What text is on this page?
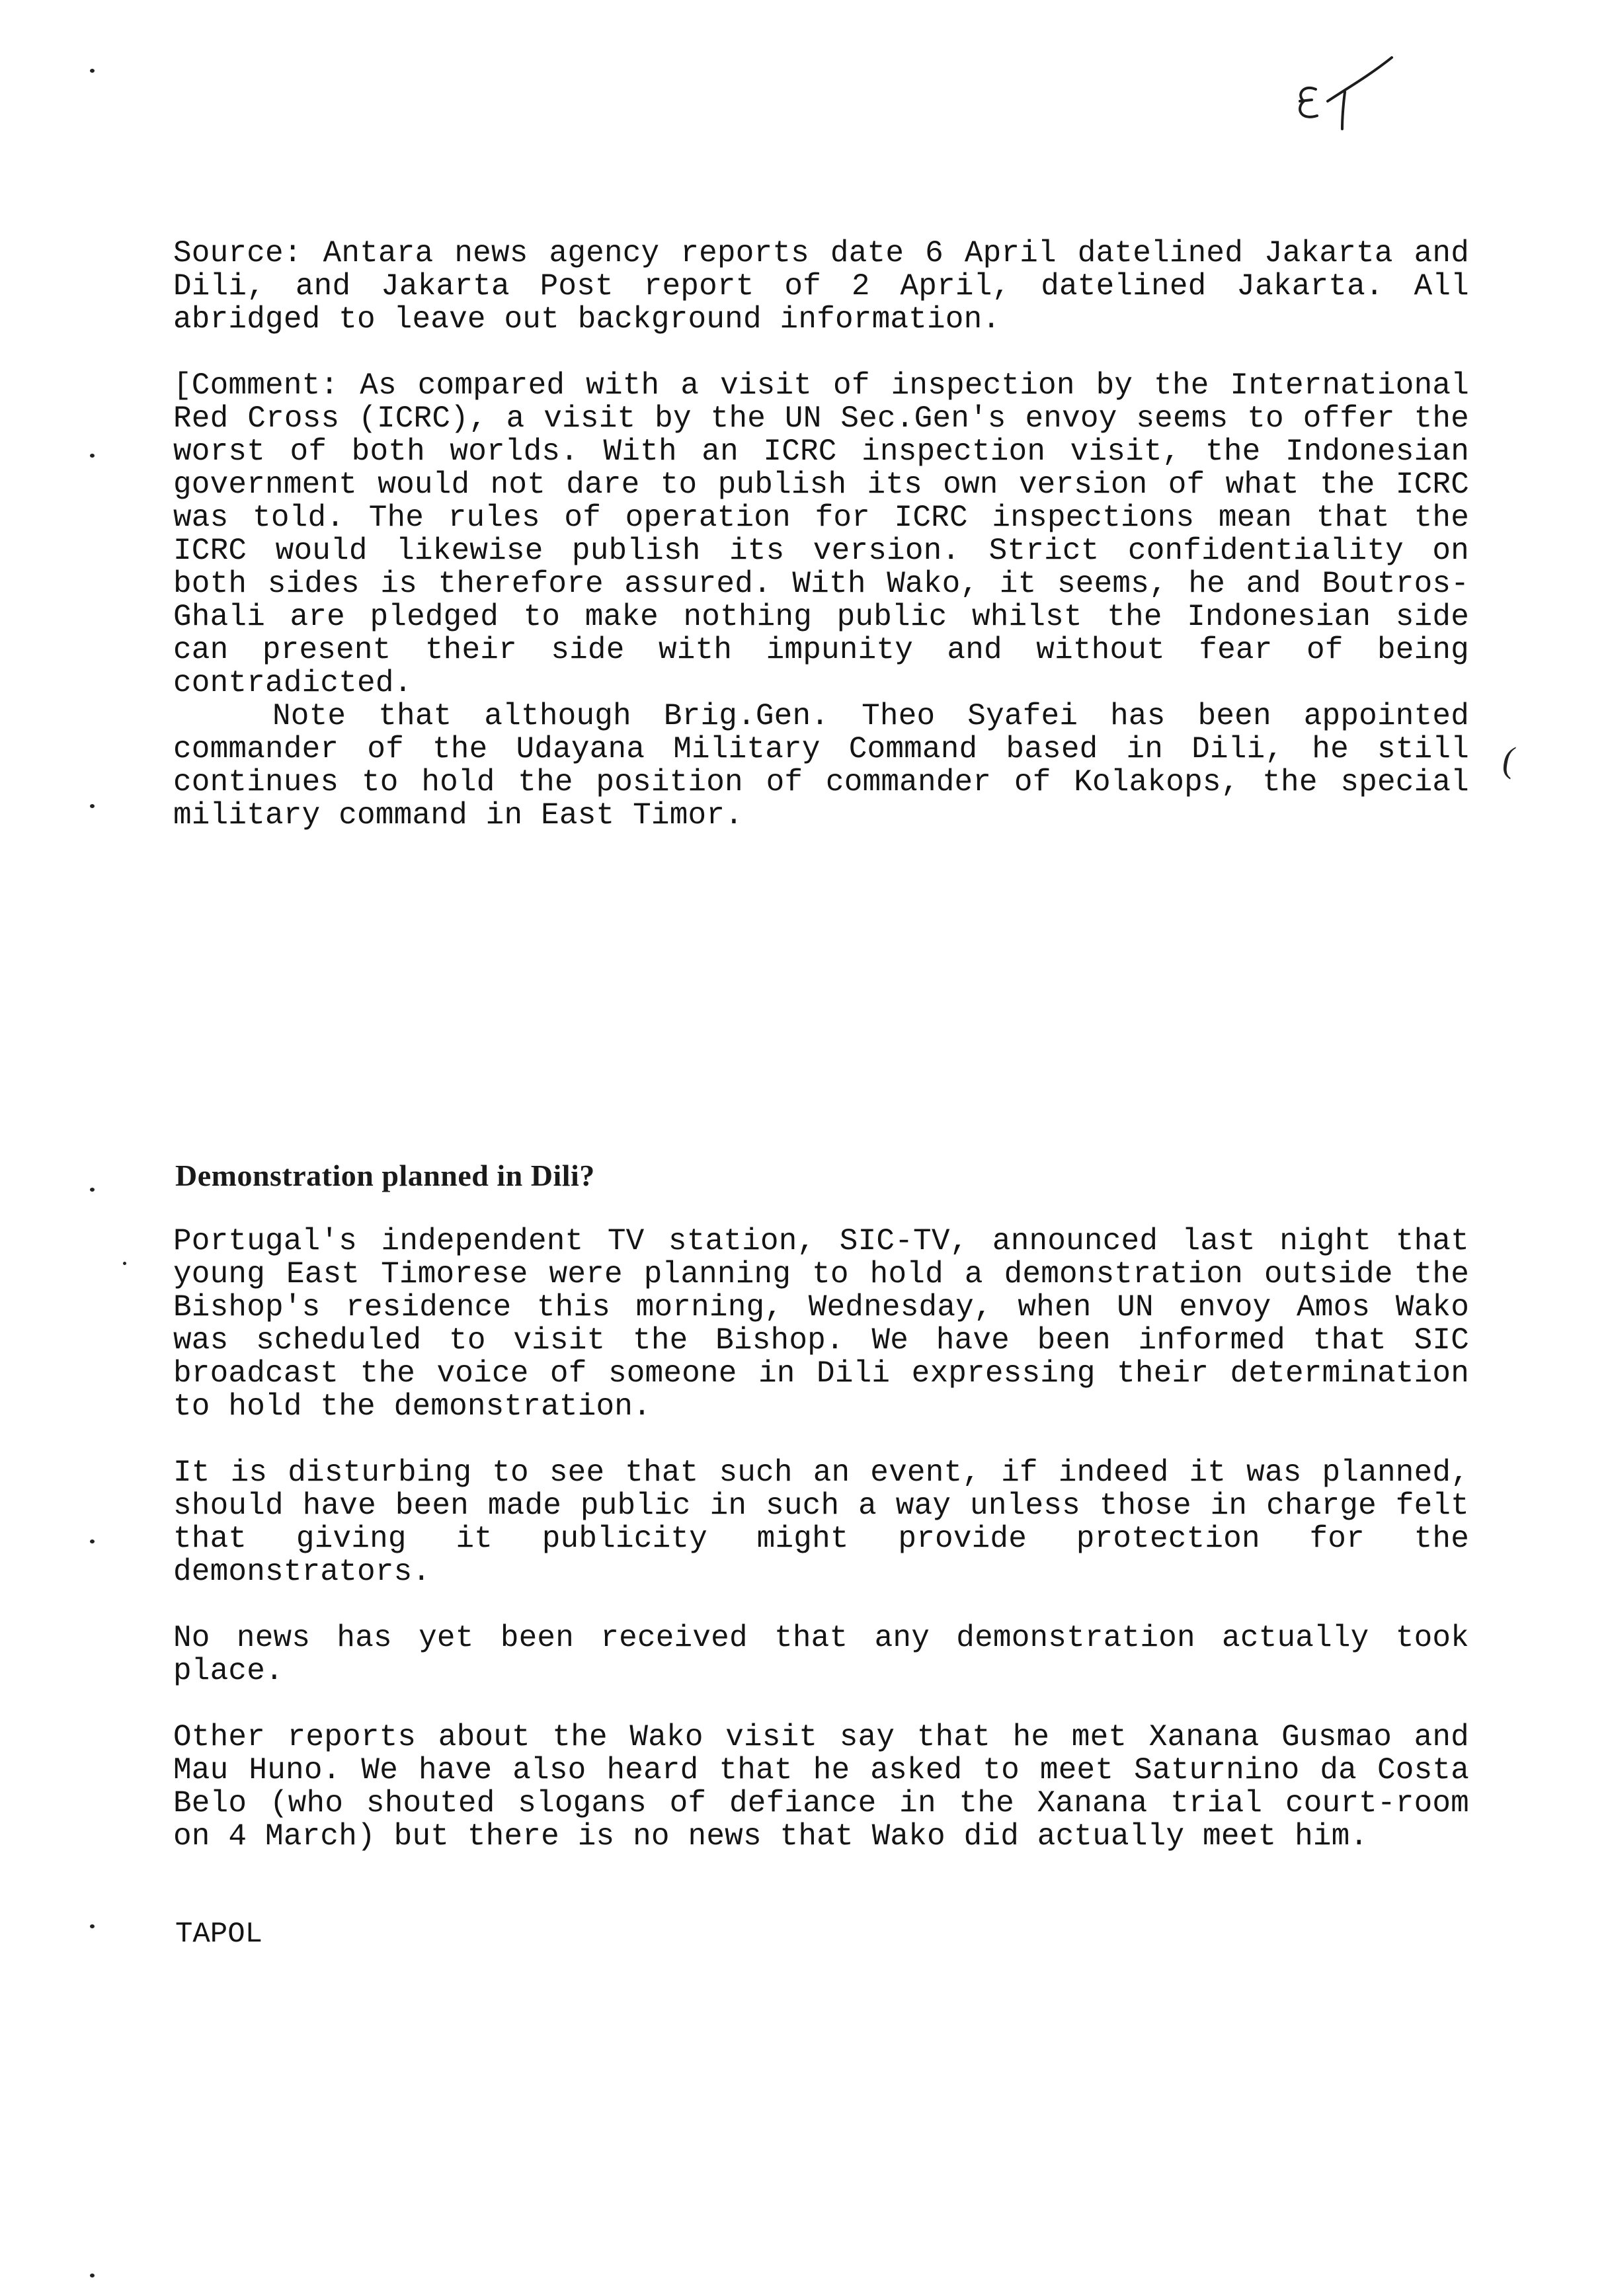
(

Source: Antara news agency reports date 6 April datelined Jakarta and Dili, and Jakarta Post report of 2 April, datelined Jakarta. All abridged to leave out background information.

[Comment: As compared with a visit of inspection by the International Red Cross (ICRC), a visit by the UN Sec.Gen's envoy seems to offer the worst of both worlds. With an ICRC inspection visit, the Indonesian government would not dare to publish its own version of what the ICRC was told. The rules of operation for ICRC inspections mean that the ICRC would likewise publish its version. Strict confidentiality on both sides is therefore assured. With Wako, it seems, he and Boutros-Ghali are pledged to make nothing public whilst the Indonesian side can present their side with impunity and without fear of being contradicted.

Note that although Brig.Gen. Theo Syafei has been appointed commander of the Udayana Military Command based in Dili, he still continues to hold the position of commander of Kolakops, the special military command in East Timor.

Demonstration planned in Dili?

Portugal's independent TV station, SIC-TV, announced last night that young East Timorese were planning to hold a demonstration outside the Bishop's residence this morning, Wednesday, when UN envoy Amos Wako was scheduled to visit the Bishop. We have been informed that SIC broadcast the voice of someone in Dili expressing their determination to hold the demonstration.

It is disturbing to see that such an event, if indeed it was planned, should have been made public in such a way unless those in charge felt that giving it publicity might provide protection for the demonstrators.

No news has yet been received that any demonstration actually took place.

Other reports about the Wako visit say that he met Xanana Gusmao and Mau Huno. We have also heard that he asked to meet Saturnino da Costa Belo (who shouted slogans of defiance in the Xanana trial court-room on 4 March) but there is no news that Wako did actually meet him.

TAPOL
